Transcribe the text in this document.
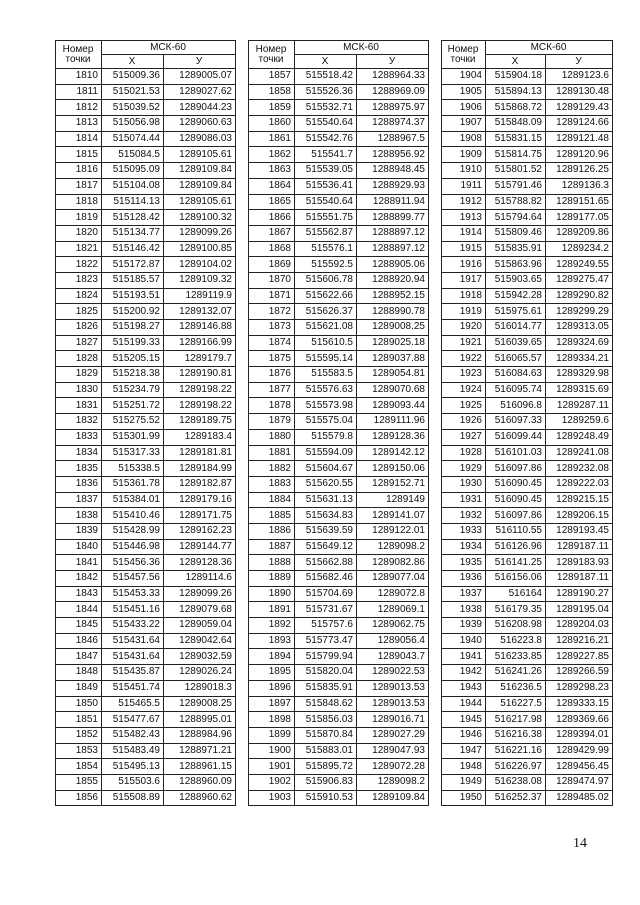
Номер
точки	МСК-60	
	X	У
1810	515009.36	1289005.07
1811	515021.53	1289027.62
1812	515039.52	1289044.23
1813	515056.98	1289060.63
1814	515074.44	1289086.03
1815	515084.5	1289105.61
1816	515095.09	1289109.84
1817	515104.08	1289109.84
1818	515114.13	1289105.61
1819	515128.42	1289100.32
1820	515134.77	1289099.26
1821	515146.42	1289100.85
1822	515172.87	1289104.02
1823	515185.57	1289109.32
1824	515193.51	1289119.9
1825	515200.92	1289132.07
1826	515198.27	1289146.88
1827	515199.33	1289166.99
1828	515205.15	1289179.7
1829	515218.38	1289190.81
1830	515234.79	1289198.22
1831	515251.72	1289198.22
1832	515275.52	1289189.75
1833	515301.99	1289183.4
1834	515317.33	1289181.81
1835	515338.5	1289184.99
1836	515361.78	1289182.87
1837	515384.01	1289179.16
1838	515410.46	1289171.75
1839	515428.99	1289162.23
1840	515446.98	1289144.77
1841	515456.36	1289128.36
1842	515457.56	1289114.6
1843	515453.33	1289099.26
1844	515451.16	1289079.68
1845	515433.22	1289059.04
1846	515431.64	1289042.64
1847	515431.64	1289032.59
1848	515435.87	1289026.24
1849	515451.74	1289018.3
1850	515465.5	1289008.25
1851	515477.67	1288995.01
1852	515482.43	1288984.96
1853	515483.49	1288971.21
1854	515495.13	1288961.15
1855	515503.6	1288960.09
1856	515508.89	1288960.62
Номер
точки	МСК-60	
	X	У
1857	515518.42	1288964.33
1858	515526.36	1288969.09
1859	515532.71	1288975.97
1860	515540.64	1288974.37
1861	515542.76	1288967.5
1862	515541.7	1288956.92
1863	515539.05	1288948.45
1864	515536.41	1288929.93
1865	515540.64	1288911.94
1866	515551.75	1288899.77
1867	515562.87	1288897.12
1868	515576.1	1288897.12
1869	515592.5	1288905.06
1870	515606.78	1288920.94
1871	515622.66	1288952.15
1872	515626.37	1288990.78
1873	515621.08	1289008.25
1874	515610.5	1289025.18
1875	515595.14	1289037.88
1876	515583.5	1289054.81
1877	515576.63	1289070.68
1878	515573.98	1289093.44
1879	515575.04	1289111.96
1880	515579.8	1289128.36
1881	515594.09	1289142.12
1882	515604.67	1289150.06
1883	515620.55	1289152.71
1884	515631.13	1289149
1885	515634.83	1289141.07
1886	515639.59	1289122.01
1887	515649.12	1289098.2
1888	515662.88	1289082.86
1889	515682.46	1289077.04
1890	515704.69	1289072.8
1891	515731.67	1289069.1
1892	515757.6	1289062.75
1893	515773.47	1289056.4
1894	515799.94	1289043.7
1895	515820.04	1289022.53
1896	515835.91	1289013.53
1897	515848.62	1289013.53
1898	515856.03	1289016.71
1899	515870.84	1289027.29
1900	515883.01	1289047.93
1901	515895.72	1289072.28
1902	515906.83	1289098.2
1903	515910.53	1289109.84
Номер
точки	МСК-60	
	X	У
1904	515904.18	1289123.6
1905	515894.13	1289130.48
1906	515868.72	1289129.43
1907	515848.09	1289124.66
1908	515831.15	1289121.48
1909	515814.75	1289120.96
1910	515801.52	1289126.25
1911	515791.46	1289136.3
1912	515788.82	1289151.65
1913	515794.64	1289177.05
1914	515809.46	1289209.86
1915	515835.91	1289234.2
1916	515863.96	1289249.55
1917	515903.65	1289275.47
1918	515942.28	1289290.82
1919	515975.61	1289299.29
1920	516014.77	1289313.05
1921	516039.65	1289324.69
1922	516065.57	1289334.21
1923	516084.63	1289329.98
1924	516095.74	1289315.69
1925	516096.8	1289287.11
1926	516097.33	1289259.6
1927	516099.44	1289248.49
1928	516101.03	1289241.08
1929	516097.86	1289232.08
1930	516090.45	1289222.03
1931	516090.45	1289215.15
1932	516097.86	1289206.15
1933	516110.55	1289193.45
1934	516126.96	1289187.11
1935	516141.25	1289183.93
1936	516156.06	1289187.11
1937	516164	1289190.27
1938	516179.35	1289195.04
1939	516208.98	1289204.03
1940	516223.8	1289216.21
1941	516233.85	1289227.85
1942	516241.26	1289266.59
1943	516236.5	1289298.23
1944	516227.5	1289333.15
1945	516217.98	1289369.66
1946	516216.38	1289394.01
1947	516221.16	1289429.99
1948	516226.97	1289456.45
1949	516238.08	1289474.97
1950	516252.37	1289485.02
14
